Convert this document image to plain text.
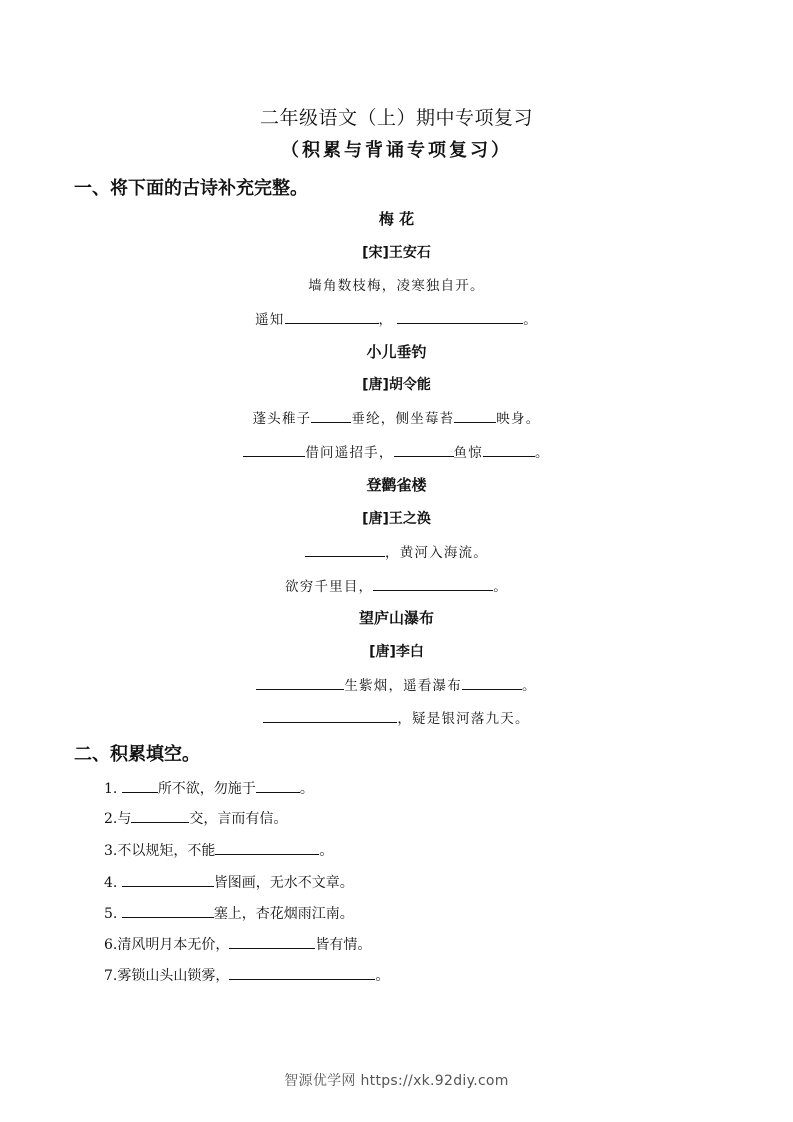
二年级语文（上）期中专项复习
（积累与背诵专项复习）
一、将下面的古诗补充完整。
梅 花
[宋]王安石
墙角数枝梅，凌寒独自开。
遥知	，	。
小儿垂钓
[唐]胡令能
蓬头稚子	垂纶，侧坐莓苔	映身。
借问遥招手，	鱼惊	。
登鹳雀楼
[唐]王之涣
，黄河入海流。
欲穷千里目，	。
望庐山瀑布
[唐]李白
生紫烟，遥看瀑布	。
，疑是银河落九天。
二、积累填空。
1.	所不欲，勿施于	。
2.与	交，言而有信。
3.不以规矩，不能	。
4.	皆图画，无水不文章。
5.	塞上，杏花烟雨江南。
6.清风明月本无价，	皆有情。
7.雾锁山头山锁雾，	。
智源优学网 https://xk.92diy.com
